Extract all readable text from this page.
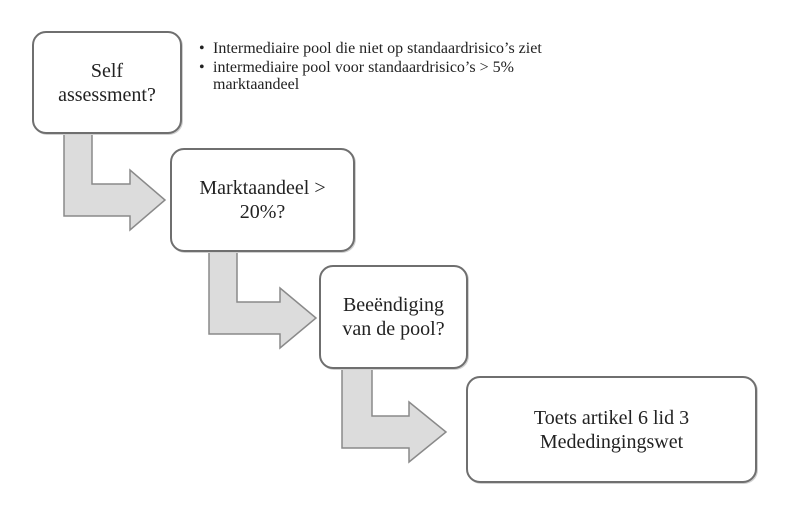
Self
assessment?
• Intermediaire pool die niet op standaardrisico’s ziet
• intermediaire pool voor standaardrisico’s > 5%
marktaandeel
Marktaandeel >
20%?
Beeëndiging
van de pool?
Toets artikel 6 lid 3
Mededingingswet
